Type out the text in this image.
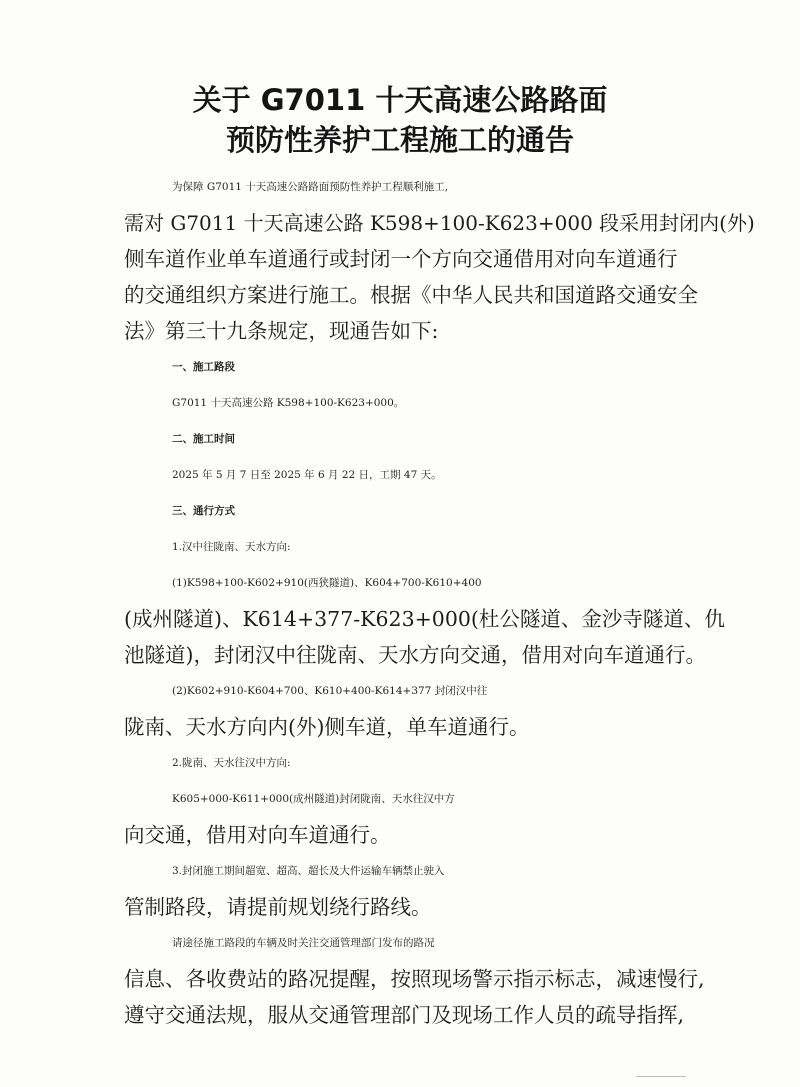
关于 G7011 十天高速公路路面
预防性养护工程施工的通告
为保障 G7011 十天高速公路路面预防性养护工程顺利施工,
需对 G7011 十天高速公路 K598+100-K623+000 段采用封闭内(外)
侧车道作业单车道通行或封闭一个方向交通借用对向车道通行
的交通组织方案进行施工。根据《中华人民共和国道路交通安全
法》第三十九条规定，现通告如下:
一、施工路段
G7011 十天高速公路 K598+100-K623+000。
二、施工时间
2025 年 5 月 7 日至 2025 年 6 月 22 日，工期 47 天。
三、通行方式
1.汉中往陇南、天水方向:
(1)K598+100-K602+910(西狭隧道)、K604+700-K610+400
(成州隧道)、K614+377-K623+000(杜公隧道、金沙寺隧道、仇
池隧道)，封闭汉中往陇南、天水方向交通，借用对向车道通行。
(2)K602+910-K604+700、K610+400-K614+377 封闭汉中往
陇南、天水方向内(外)侧车道，单车道通行。
2.陇南、天水往汉中方向:
K605+000-K611+000(成州隧道)封闭陇南、天水往汉中方
向交通，借用对向车道通行。
3.封闭施工期间超宽、超高、超长及大件运输车辆禁止驶入
管制路段，请提前规划绕行路线。
请途径施工路段的车辆及时关注交通管理部门发布的路况
信息、各收费站的路况提醒，按照现场警示指示标志，减速慢行,
遵守交通法规，服从交通管理部门及现场工作人员的疏导指挥,
